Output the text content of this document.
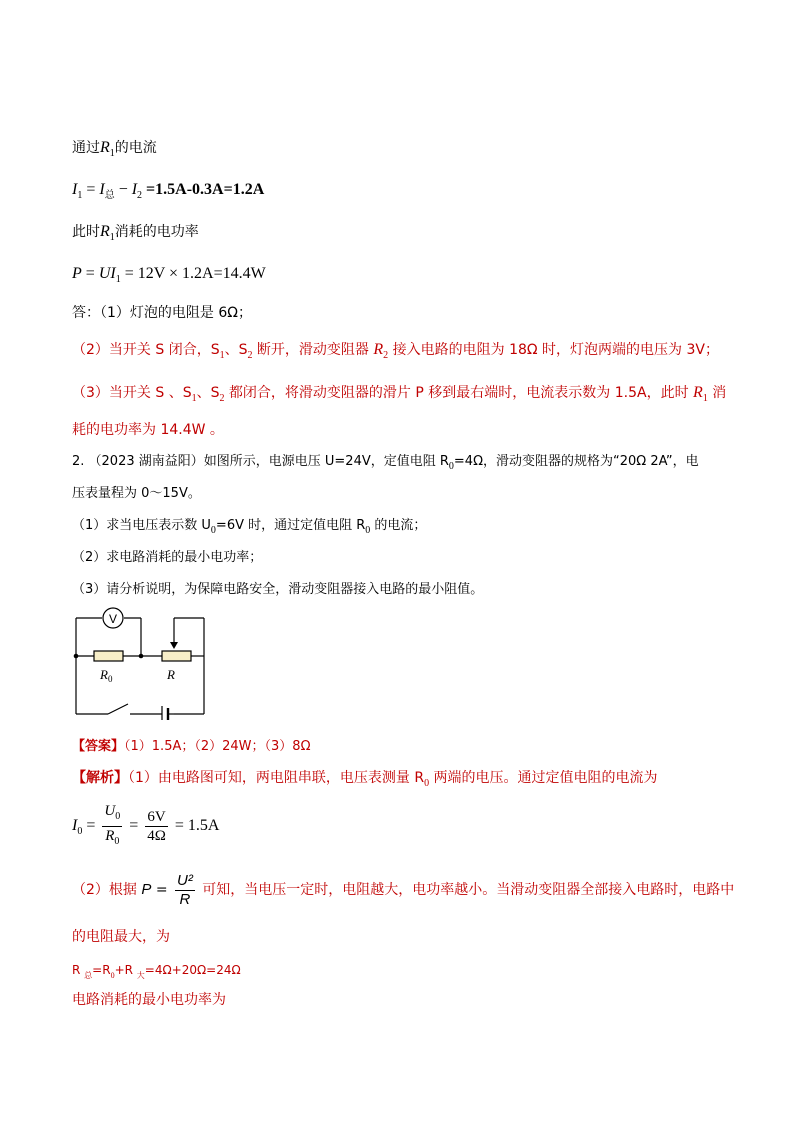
通过$R_1$的电流
$I_1 = I_总 - I_2 =1.5A-0.3A=1.2A$
此时$R_1$消耗的电功率
$P = UI_1 = 12V \times 1.2A=14.4W$
答：（1）灯泡的电阻是 6Ω；
（2）当开关 S 闭合，$S_1$、$S_2$ 断开，滑动变阻器 $R_2$ 接入电路的电阻为 18Ω 时，灯泡两端的电压为 3V；
（3）当开关 S 、$S_1$、$S_2$ 都闭合，将滑动变阻器的滑片 P 移到最右端时，电流表示数为 1.5A，此时 $R_1$ 消
耗的电功率为 14.4W 。
2. （2023 湖南益阳）如图所示，电源电压 U=24V，定值电阻 $R_0=4\Omega$，滑动变阻器的规格为“20Ω 2A”，电
压表量程为 0～15V。
（1）求当电压表示数 $U_0=6V$ 时，通过定值电阻 $R_0$ 的电流；
（2）求电路消耗的最小电功率；
（3）请分析说明，为保障电路安全，滑动变阻器接入电路的最小阻值。
V
$R_0$	R
【答案】（1）1.5A；（2）24W；（3）8Ω
【解析】（1）由电路图可知，两电阻串联，电压表测量 $R_0$ 两端的电压。通过定值电阻的电流为
$I_0 = \frac{U_0}{R_0} = \frac{6V}{4\Omega} = 1.5A$
（2）根据 $P = \frac{\text{U²}}{R}$ 可知，当电压一定时，电阻越大，电功率越小。当滑动变阻器全部接入电路时，电路中
的电阻最大，为
R $_总=R_0+R$ $_大$=4Ω+20Ω=24Ω
电路消耗的最小电功率为
